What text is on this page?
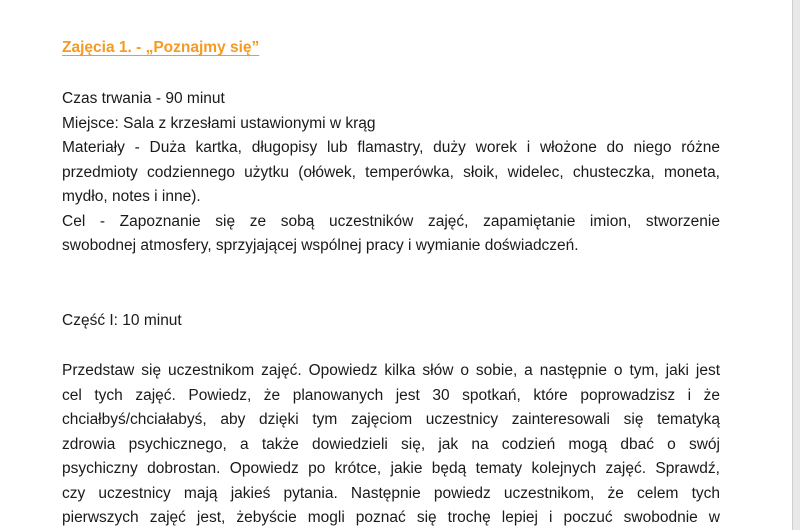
Zajęcia 1. - „Poznajmy się”
Czas trwania - 90 minut
Miejsce: Sala z krzesłami ustawionymi w krąg
Materiały - Duża kartka, długopisy lub flamastry, duży worek i włożone do niego różne
przedmioty codziennego użytku (ołówek, temperówka, słoik, widelec, chusteczka, moneta,
mydło, notes i inne).
Cel - Zapoznanie się ze sobą uczestników zajęć, zapamiętanie imion, stworzenie
swobodnej atmosfery, sprzyjającej wspólnej pracy i wymianie doświadczeń.
Część I: 10 minut
Przedstaw się uczestnikom zajęć. Opowiedz kilka słów o sobie, a następnie o tym, jaki jest
cel tych zajęć. Powiedz, że planowanych jest 30 spotkań, które poprowadzisz i że
chciałbyś/chciałabyś, aby dzięki tym zajęciom uczestnicy zainteresowali się tematyką
zdrowia psychicznego, a także dowiedzieli się, jak na codzień mogą dbać o swój
psychiczny dobrostan. Opowiedz po krótce, jakie będą tematy kolejnych zajęć. Sprawdź,
czy uczestnicy mają jakieś pytania. Następnie powiedz uczestnikom, że celem tych
pierwszych zajęć jest, żebyście mogli poznać się trochę lepiej i poczuć swobodnie w
